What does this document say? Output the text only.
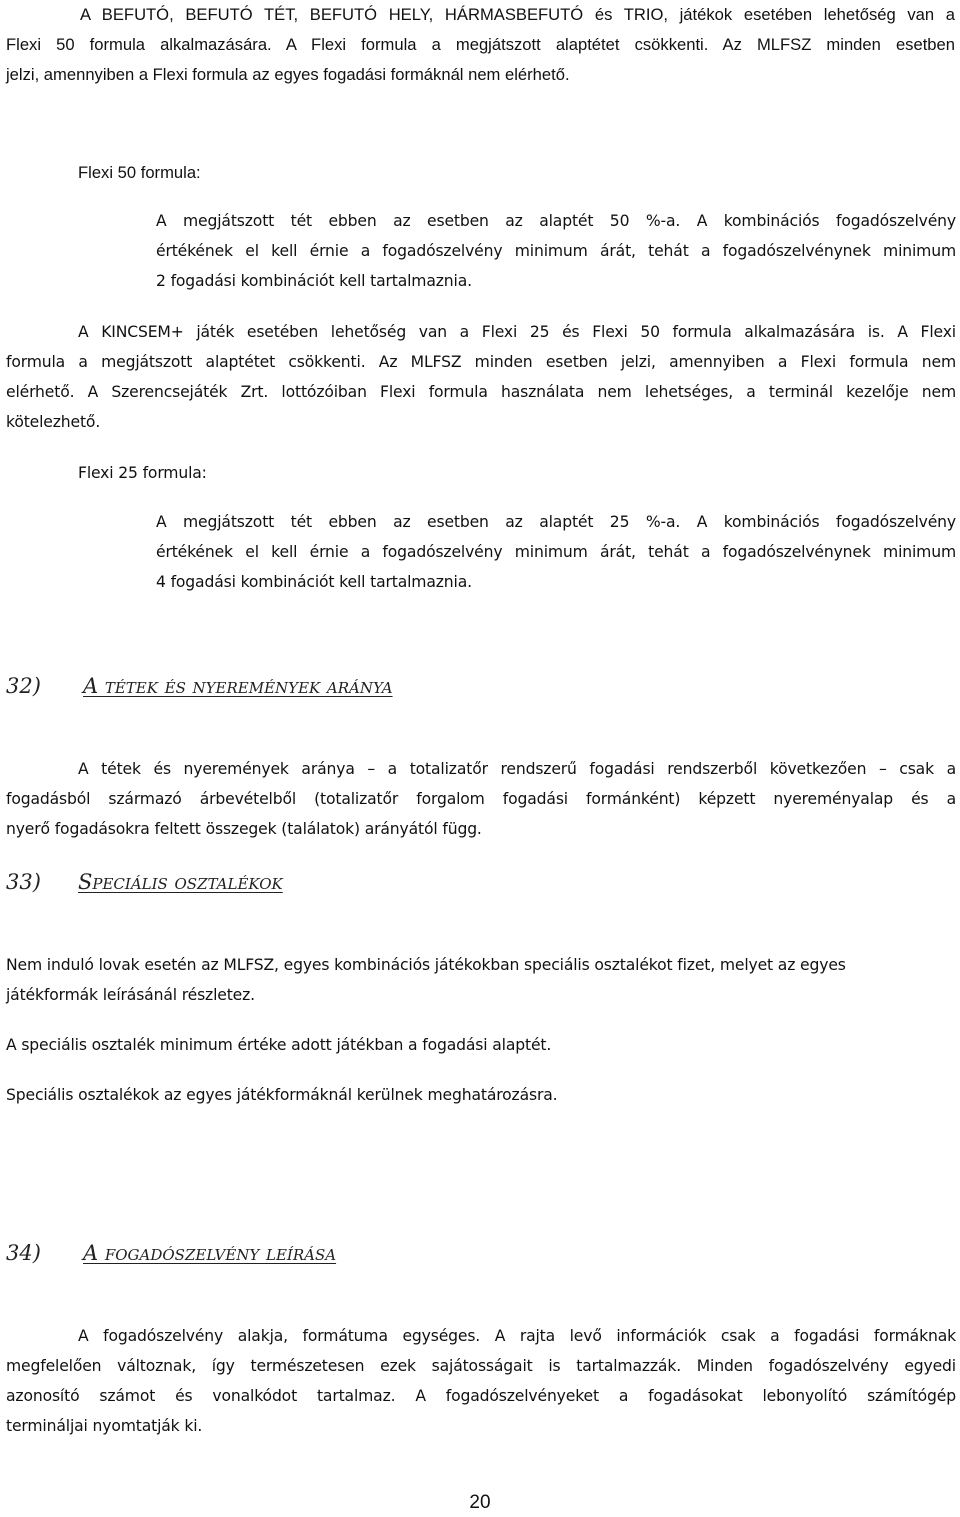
A BEFUTÓ, BEFUTÓ TÉT, BEFUTÓ HELY, HÁRMASBEFUTÓ és TRIO, játékok esetében lehetőség van a
Flexi 50 formula alkalmazására. A Flexi formula a megjátszott alaptétet csökkenti. Az MLFSZ minden esetben
jelzi, amennyiben a Flexi formula az egyes fogadási formáknál nem elérhető.
Flexi 50 formula:
A megjátszott tét ebben az esetben az alaptét 50 %-a. A kombinációs fogadószelvény
értékének el kell érnie a fogadószelvény minimum árát, tehát a fogadószelvénynek minimum
2 fogadási kombinációt kell tartalmaznia.
A KINCSEM+ játék esetében lehetőség van a Flexi 25 és Flexi 50 formula alkalmazására is. A Flexi
formula a megjátszott alaptétet csökkenti. Az MLFSZ minden esetben jelzi, amennyiben a Flexi formula nem
elérhető. A Szerencsejáték Zrt. lottózóiban Flexi formula használata nem lehetséges, a terminál kezelője nem
kötelezhető.
Flexi 25 formula:
A megjátszott tét ebben az esetben az alaptét 25 %-a. A kombinációs fogadószelvény
értékének el kell érnie a fogadószelvény minimum árát, tehát a fogadószelvénynek minimum
4 fogadási kombinációt kell tartalmaznia.
32) A tétek és nyeremények aránya
A tétek és nyeremények aránya – a totalizatőr rendszerű fogadási rendszerből következően – csak a
fogadásból származó árbevételből (totalizatőr forgalom fogadási formánként) képzett nyereményalap és a
nyerő fogadásokra feltett összegek (találatok) arányától függ.
33) Speciális osztalékok
Nem induló lovak esetén az MLFSZ, egyes kombinációs játékokban speciális osztalékot fizet, melyet az egyes
játékformák leírásánál részletez.
A speciális osztalék minimum értéke adott játékban a fogadási alaptét.
Speciális osztalékok az egyes játékformáknál kerülnek meghatározásra.
34) A fogadószelvény leírása
A fogadószelvény alakja, formátuma egységes. A rajta levő információk csak a fogadási formáknak
megfelelően változnak, így természetesen ezek sajátosságait is tartalmazzák. Minden fogadószelvény egyedi
azonosító számot és vonalkódot tartalmaz. A fogadószelvényeket a fogadásokat lebonyolító számítógép
termináljai nyomtatják ki.
20
